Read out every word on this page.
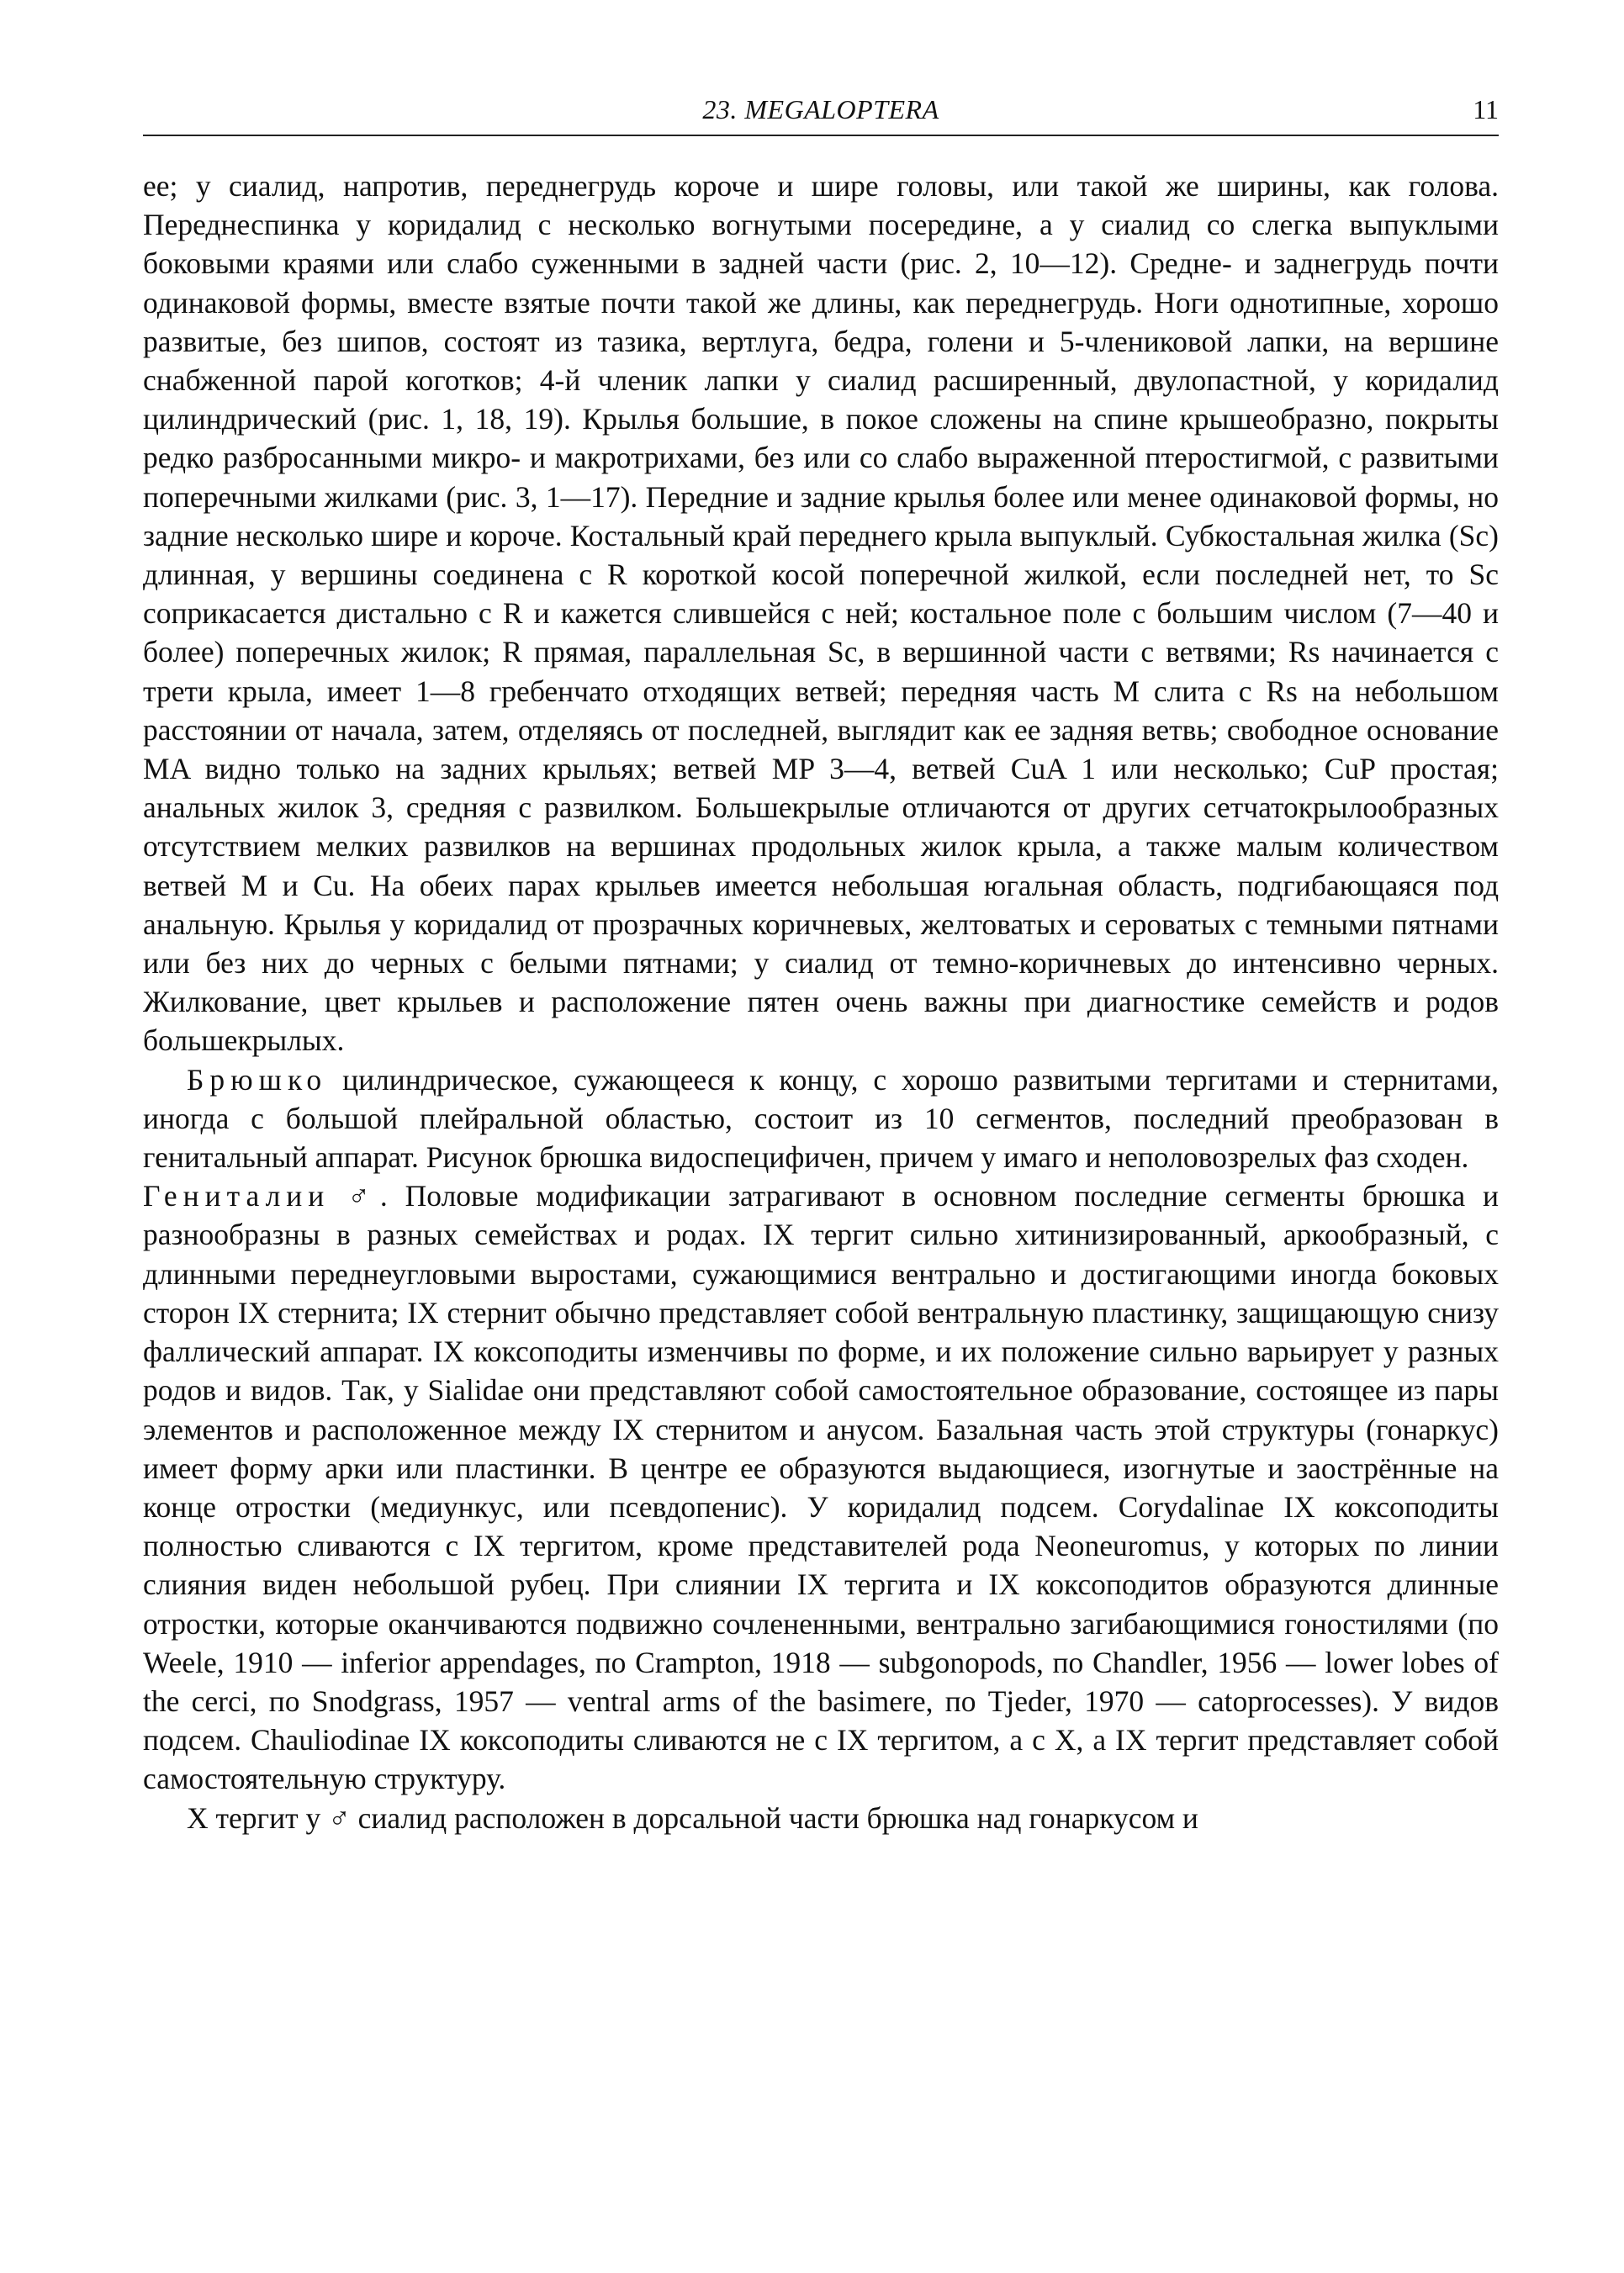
23. MEGALOPTERA	11

ее; у сиалид, напротив, переднегрудь короче и шире головы, или такой же ширины, как голова. Переднеспинка у коридалид с несколько вогнутыми посередине, а у сиалид со слегка выпуклыми боковыми краями или слабо суженными в задней части (рис. 2, 10—12). Средне- и заднегрудь почти одинаковой формы, вместе взятые почти такой же длины, как переднегрудь. Ноги однотипные, хорошо развитые, без шипов, состоят из тазика, вертлуга, бедра, голени и 5-члениковой лапки, на вершине снабженной парой коготков; 4-й членик лапки у сиалид расширенный, двулопастной, у коридалид цилиндрический (рис. 1, 18, 19). Крылья большие, в покое сложены на спине крышеобразно, покрыты редко разбросанными микро- и макротрихами, без или со слабо выраженной птеростигмой, с развитыми поперечными жилками (рис. 3, 1—17). Передние и задние крылья более или менее одинаковой формы, но задние несколько шире и короче. Костальный край переднего крыла выпуклый. Субкостальная жилка (Sc) длинная, у вершины соединена с R короткой косой поперечной жилкой, если последней нет, то Sc соприкасается дистально с R и кажется слившейся с ней; костальное поле с большим числом (7—40 и более) поперечных жилок; R прямая, параллельная Sc, в вершинной части с ветвями; Rs начинается с трети крыла, имеет 1—8 гребенчато отходящих ветвей; передняя часть M слита с Rs на небольшом расстоянии от начала, затем, отделяясь от последней, выглядит как ее задняя ветвь; свободное основание MA видно только на задних крыльях; ветвей MP 3—4, ветвей CuA 1 или несколько; CuP простая; анальных жилок 3, средняя с развилком. Большекрылые отличаются от других сетчатокрылообразных отсутствием мелких развилков на вершинах продольных жилок крыла, а также малым количеством ветвей M и Cu. На обеих парах крыльев имеется небольшая югальная область, подгибающаяся под анальную. Крылья у коридалид от прозрачных коричневых, желтоватых и сероватых с темными пятнами или без них до черных с белыми пятнами; у сиалид от темно-коричневых до интенсивно черных. Жилкование, цвет крыльев и расположение пятен очень важны при диагностике семейств и родов большекрылых.

Брюшко цилиндрическое, сужающееся к концу, с хорошо развитыми тергитами и стернитами, иногда с большой плейральной областью, состоит из 10 сегментов, последний преобразован в генитальный аппарат. Рисунок брюшка видоспецифичен, причем у имаго и неполовозрелых фаз сходен.

Гениталии ♂. Половые модификации затрагивают в основном последние сегменты брюшка и разнообразны в разных семействах и родах. IX тергит сильно хитинизированный, аркообразный, с длинными переднеугловыми выростами, сужающимися вентрально и достигающими иногда боковых сторон IX стернита; IX стернит обычно представляет собой вентральную пластинку, защищающую снизу фаллический аппарат. IX коксоподиты изменчивы по форме, и их положение сильно варьирует у разных родов и видов. Так, у Sialidae они представляют собой самостоятельное образование, состоящее из пары элементов и расположенное между IX стернитом и анусом. Базальная часть этой структуры (гонаркус) имеет форму арки или пластинки. В центре ее образуются выдающиеся, изогнутые и заострённые на конце отростки (медиункус, или псевдопенис). У коридалид подсем. Corydalinae IX коксоподиты полностью сливаются с IX тергитом, кроме представителей рода Neoneuromus, у которых по линии слияния виден небольшой рубец. При слиянии IX тергита и IX коксоподитов образуются длинные отростки, которые оканчиваются подвижно сочлененными, вентрально загибающимися гоностилями (по Weele, 1910 — inferior appendages, по Crampton, 1918 — subgonopods, по Chandler, 1956 — lower lobes of the cerci, по Snodgrass, 1957 — ventral arms of the basimere, по Tjeder, 1970 — catoprocesses). У видов подсем. Chauliodinae IX коксоподиты сливаются не с IX тергитом, а с X, а IX тергит представляет собой самостоятельную структуру.

X тергит у ♂ сиалид расположен в дорсальной части брюшка над гонаркусом и
